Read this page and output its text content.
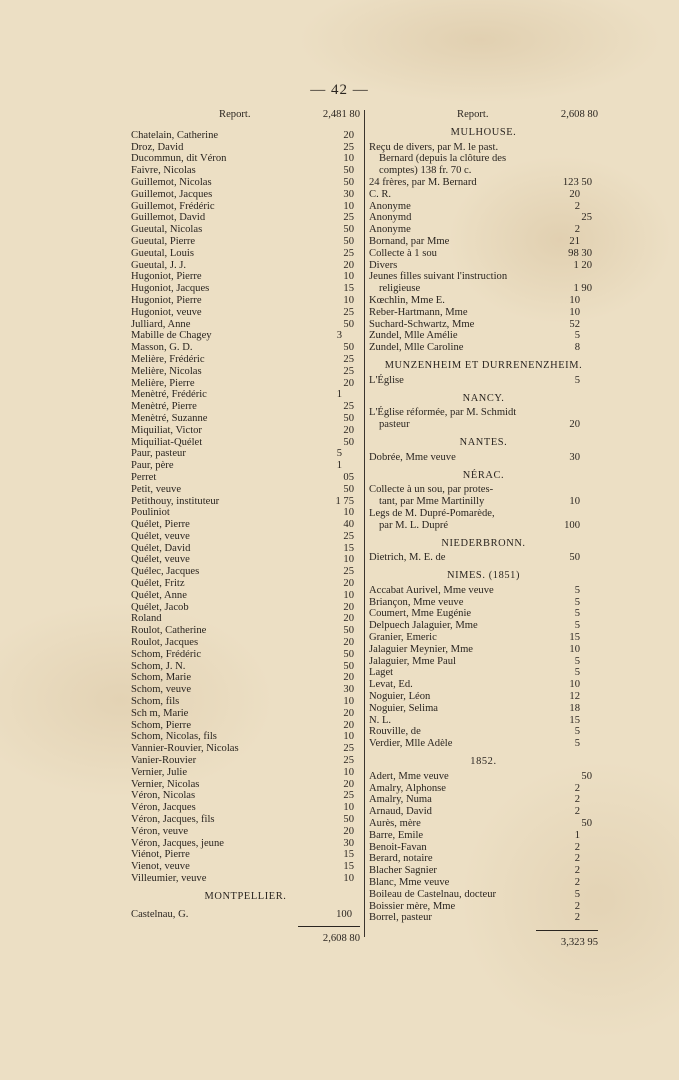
— 42 —
Report.	2,481 80
Chatelain, Catherine	20
Droz, David	25
Ducommun, dit Véron	10
Faivre, Nicolas	50
Guillemot, Nicolas	50
Guillemot, Jacques	30
Guillemot, Frédéric	10
Guillemot, David	25
Gueutal, Nicolas	50
Gueutal, Pierre	50
Gueutal, Louis	25
Gueutal, J. J.	20
Hugoniot, Pierre	10
Hugoniot, Jacques	15
Hugoniot, Pierre	10
Hugoniot, veuve	25
Julliard, Anne	50
Mabille de Chagey	3
Masson, G. D.	50
Melière, Frédéric	25
Melière, Nicolas	25
Melière, Pierre	20
Menètré, Frédéric	1
Menètré, Pierre	25
Menètré, Suzanne	50
Miquiliat, Victor	20
Miquiliat-Quélet	50
Paur, pasteur	5
Paur, père	1
Perret	05
Petit, veuve	50
Petithouy, instituteur	1 75
Pouliniot	10
Quélet, Pierre	40
Quélet, veuve	25
Quélet, David	15
Quélet, veuve	10
Quélec, Jacques	25
Quélet, Fritz	20
Quélet, Anne	10
Quélet, Jacob	20
Roland	20
Roulot, Catherine	50
Roulot, Jacques	20
Schom, Frédéric	50
Schom, J. N.	50
Schom, Marie	20
Schom, veuve	30
Schom, fils	10
Sch m, Marie	20
Schom, Pierre	20
Schom, Nicolas, fils	10
Vannier-Rouvier, Nicolas	25
Vanier-Rouvier	25
Vernier, Julie	10
Vernier, Nicolas	20
Véron, Nicolas	25
Véron, Jacques	10
Véron, Jacques, fils	50
Véron, veuve	20
Véron, Jacques, jeune	30
Viénot, Pierre	15
Vienot, veuve	15
Villeumier, veuve	10
MONTPELLIER.
Castelnau, G.	100
2,608 80
Report.	2,608 80
MULHOUSE.
Reçu de divers, par M. le past.
Bernard (depuis la clôture des
comptes) 138 fr. 70 c.
24 frères, par M. Bernard	123 50
C. R.	20
Anonyme	2
Anonymd	25
Anonyme	2
Bornand, par Mme	21
Collecte à 1 sou	98 30
Divers	1 20
Jeunes filles suivant l'instruction
religieuse	1 90
Kœchlin, Mme E.	10
Reber-Hartmann, Mme	10
Suchard-Schwartz, Mme	52
Zundel, Mlle Amélie	5
Zundel, Mlle Caroline	8
MUNZENHEIM ET DURRENENZHEIM.
L'Église	5
NANCY.
L'Église réformée, par M. Schmidt
pasteur	20
NANTES.
Dobrée, Mme veuve	30
NÉRAC.
Collecte à un sou, par protes-
tant, par Mme Martinilly	10
Legs de M. Dupré-Pomarède,
par M. L. Dupré	100
NIEDERBRONN.
Dietrich, M. E. de	50
NIMES. (1851)
Accabat Aurivel, Mme veuve	5
Briançon, Mme veuve	5
Coumert, Mme Eugénie	5
Delpuech Jalaguier, Mme	5
Granier, Emeric	15
Jalaguier Meynier, Mme	10
Jalaguier, Mme Paul	5
Laget	5
Levat, Ed.	10
Noguier, Léon	12
Noguier, Selima	18
N. L.	15
Rouville, de	5
Verdier, Mlle Adèle	5
1852.
Adert, Mme veuve	50
Amalry, Alphonse	2
Amalry, Numa	2
Arnaud, David	2
Aurès, mère	50
Barre, Emile	1
Benoit-Favan	2
Berard, notaire	2
Blacher Sagnier	2
Blanc, Mme veuve	2
Boileau de Castelnau, docteur	5
Boissier mère, Mme	2
Borrel, pasteur	2
3,323 95
